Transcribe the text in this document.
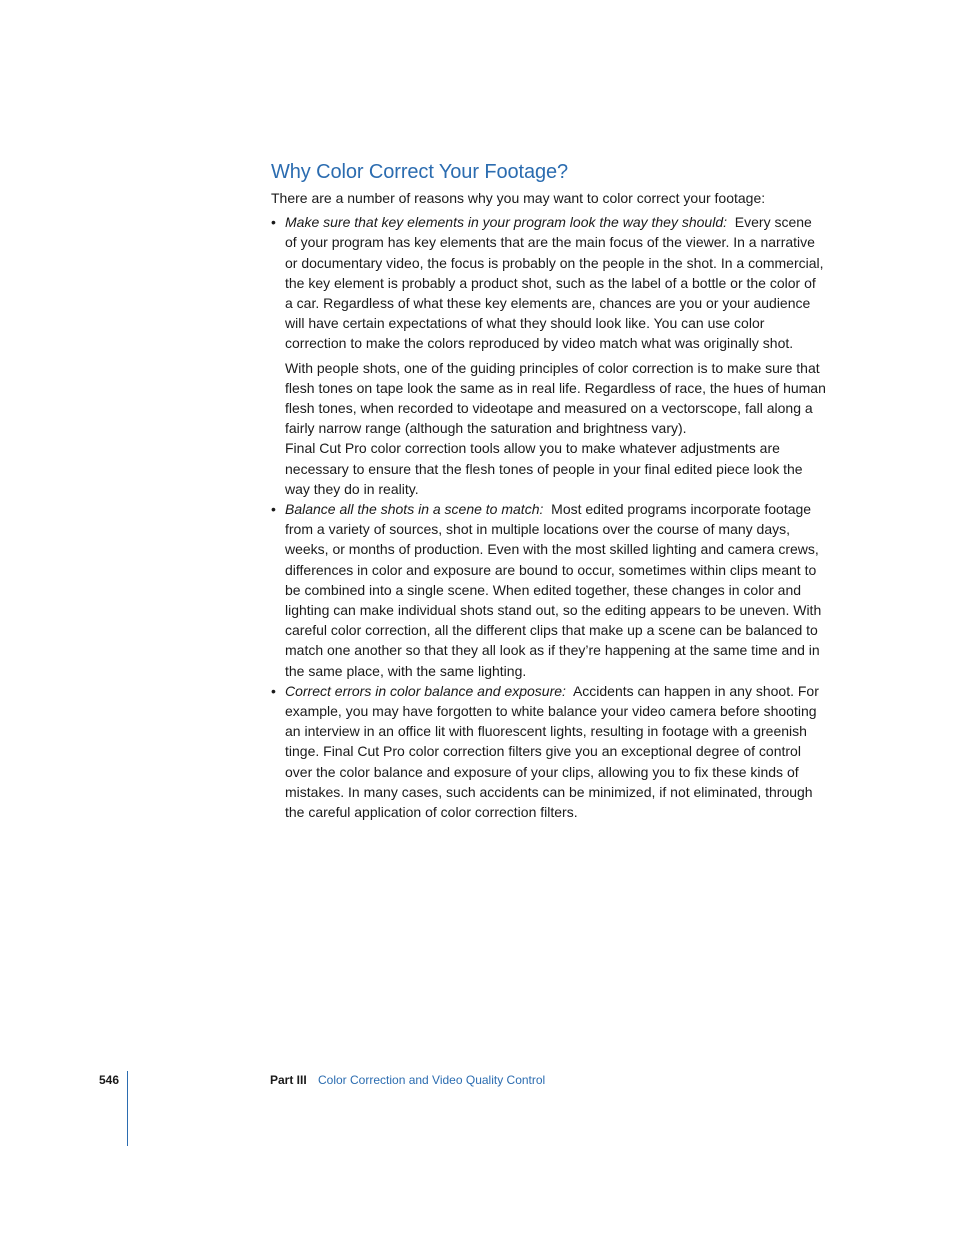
Why Color Correct Your Footage?

There are a number of reasons why you may want to color correct your footage:

• Make sure that key elements in your program look the way they should: Every scene of your program has key elements that are the main focus of the viewer. In a narrative or documentary video, the focus is probably on the people in the shot. In a commercial, the key element is probably a product shot, such as the label of a bottle or the color of a car. Regardless of what these key elements are, chances are you or your audience will have certain expectations of what they should look like. You can use color correction to make the colors reproduced by video match what was originally shot.

With people shots, one of the guiding principles of color correction is to make sure that flesh tones on tape look the same as in real life. Regardless of race, the hues of human flesh tones, when recorded to videotape and measured on a vectorscope, fall along a fairly narrow range (although the saturation and brightness vary).

Final Cut Pro color correction tools allow you to make whatever adjustments are necessary to ensure that the flesh tones of people in your final edited piece look the way they do in reality.

• Balance all the shots in a scene to match: Most edited programs incorporate footage from a variety of sources, shot in multiple locations over the course of many days, weeks, or months of production. Even with the most skilled lighting and camera crews, differences in color and exposure are bound to occur, sometimes within clips meant to be combined into a single scene. When edited together, these changes in color and lighting can make individual shots stand out, so the editing appears to be uneven. With careful color correction, all the different clips that make up a scene can be balanced to match one another so that they all look as if they’re happening at the same time and in the same place, with the same lighting.

• Correct errors in color balance and exposure: Accidents can happen in any shoot. For example, you may have forgotten to white balance your video camera before shooting an interview in an office lit with fluorescent lights, resulting in footage with a greenish tinge. Final Cut Pro color correction filters give you an exceptional degree of control over the color balance and exposure of your clips, allowing you to fix these kinds of mistakes. In many cases, such accidents can be minimized, if not eliminated, through the careful application of color correction filters.

546	Part III Color Correction and Video Quality Control
